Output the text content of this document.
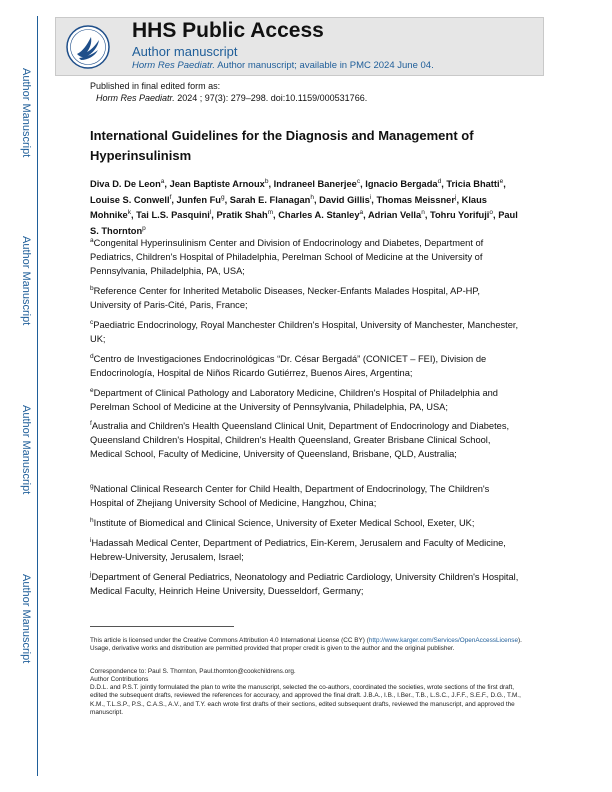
Author Manuscript
Author Manuscript
Author Manuscript
Author Manuscript
HHS Public Access
Author manuscript
Horm Res Paediatr. Author manuscript; available in PMC 2024 June 04.
Published in final edited form as:
Horm Res Paediatr. 2024 ; 97(3): 279–298. doi:10.1159/000531766.
International Guidelines for the Diagnosis and Management of Hyperinsulinism
Diva D. De Leon$^a$, Jean Baptiste Arnoux$^b$, Indraneel Banerjee$^c$, Ignacio Bergada$^d$, Tricia Bhatti$^e$, Louise S. Conwell$^f$, Junfen Fu$^g$, Sarah E. Flanagan$^h$, David Gillis$^i$, Thomas Meissner$^j$, Klaus Mohnike$^k$, Tai L.S. Pasquini$^l$, Pratik Shah$^m$, Charles A. Stanley$^a$, Adrian Vella$^n$, Tohru Yorifuji$^o$, Paul S. Thornton$^p$
$^a$Congenital Hyperinsulinism Center and Division of Endocrinology and Diabetes, Department of Pediatrics, Children's Hospital of Philadelphia, Perelman School of Medicine at the University of Pennsylvania, Philadelphia, PA, USA;
$^b$Reference Center for Inherited Metabolic Diseases, Necker-Enfants Malades Hospital, AP-HP, University of Paris-Cité, Paris, France;
$^c$Paediatric Endocrinology, Royal Manchester Children's Hospital, University of Manchester, Manchester, UK;
$^d$Centro de Investigaciones Endocrinológicas “Dr. César Bergadá” (CONICET – FEI), Division de Endocrinología, Hospital de Niños Ricardo Gutiérrez, Buenos Aires, Argentina;
$^e$Department of Clinical Pathology and Laboratory Medicine, Children's Hospital of Philadelphia and Perelman School of Medicine at the University of Pennsylvania, Philadelphia, PA, USA;
$^f$Australia and Children's Health Queensland Clinical Unit, Department of Endocrinology and Diabetes, Queensland Children's Hospital, Children's Health Queensland, Greater Brisbane Clinical School, Medical School, Faculty of Medicine, University of Queensland, Brisbane, QLD, Australia;
$^g$National Clinical Research Center for Child Health, Department of Endocrinology, The Children's Hospital of Zhejiang University School of Medicine, Hangzhou, China;
$^h$Institute of Biomedical and Clinical Science, University of Exeter Medical School, Exeter, UK;
$^i$Hadassah Medical Center, Department of Pediatrics, Ein-Kerem, Jerusalem and Faculty of Medicine, Hebrew-University, Jerusalem, Israel;
$^j$Department of General Pediatrics, Neonatology and Pediatric Cardiology, University Children's Hospital, Medical Faculty, Heinrich Heine University, Duesseldorf, Germany;
This article is licensed under the Creative Commons Attribution 4.0 International License (CC BY) (http://www.karger.com/Services/OpenAccessLicense). Usage, derivative works and distribution are permitted provided that proper credit is given to the author and the original publisher.
Correspondence to: Paul S. Thornton, Paul.thornton@cookchildrens.org.
Author Contributions
D.D.L. and P.S.T. jointly formulated the plan to write the manuscript, selected the co-authors, coordinated the societies, wrote sections of the first draft, edited the subsequent drafts, reviewed the references for accuracy, and approved the final draft. J.B.A., I.B., I.Ber., T.B., L.S.C., J.F.F., S.E.F., D.G., T.M., K.M., T.L.S.P., P.S., C.A.S., A.V., and T.Y. each wrote first drafts of their sections, edited subsequent drafts, reviewed the manuscript, and approved the manuscript.
